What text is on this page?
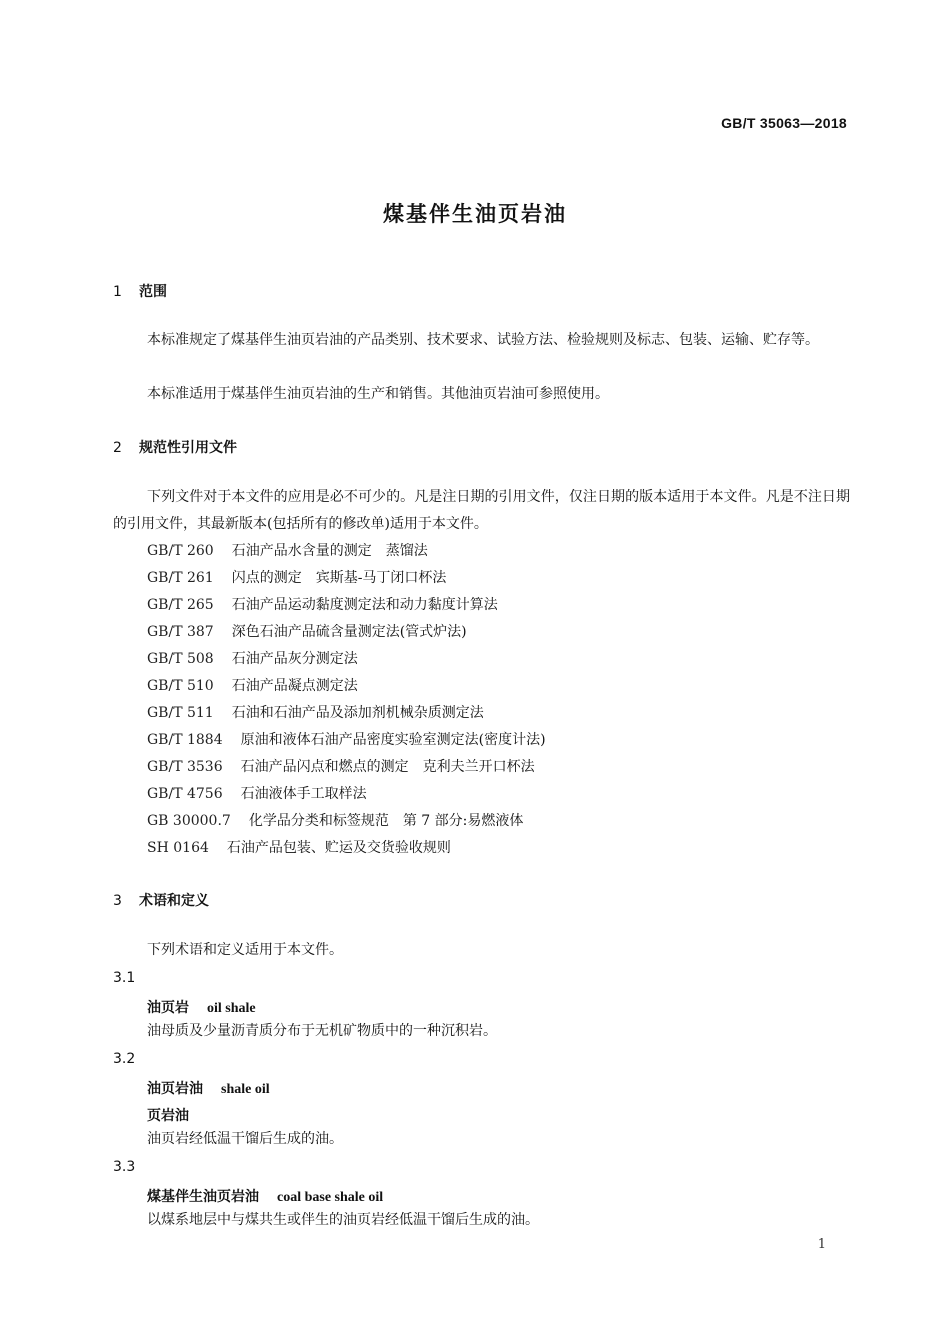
GB/T 35063—2018
煤基伴生油页岩油
1 范围
本标准规定了煤基伴生油页岩油的产品类别、技术要求、试验方法、检验规则及标志、包装、运输、贮存等。
本标准适用于煤基伴生油页岩油的生产和销售。其他油页岩油可参照使用。
2 规范性引用文件
下列文件对于本文件的应用是必不可少的。凡是注日期的引用文件，仅注日期的版本适用于本文件。凡是不注日期的引用文件，其最新版本(包括所有的修改单)适用于本文件。
GB/T 260 石油产品水含量的测定　蒸馏法
GB/T 261 闪点的测定　宾斯基-马丁闭口杯法
GB/T 265 石油产品运动黏度测定法和动力黏度计算法
GB/T 387 深色石油产品硫含量测定法(管式炉法)
GB/T 508 石油产品灰分测定法
GB/T 510 石油产品凝点测定法
GB/T 511 石油和石油产品及添加剂机械杂质测定法
GB/T 1884 原油和液体石油产品密度实验室测定法(密度计法)
GB/T 3536 石油产品闪点和燃点的测定　克利夫兰开口杯法
GB/T 4756 石油液体手工取样法
GB 30000.7 化学品分类和标签规范　第 7 部分:易燃液体
SH 0164 石油产品包装、贮运及交货验收规则
3 术语和定义
下列术语和定义适用于本文件。
3.1
油页岩 oil shale
油母质及少量沥青质分布于无机矿物质中的一种沉积岩。
3.2
油页岩油 shale oil
页岩油
油页岩经低温干馏后生成的油。
3.3
煤基伴生油页岩油 coal base shale oil
以煤系地层中与煤共生或伴生的油页岩经低温干馏后生成的油。
1
